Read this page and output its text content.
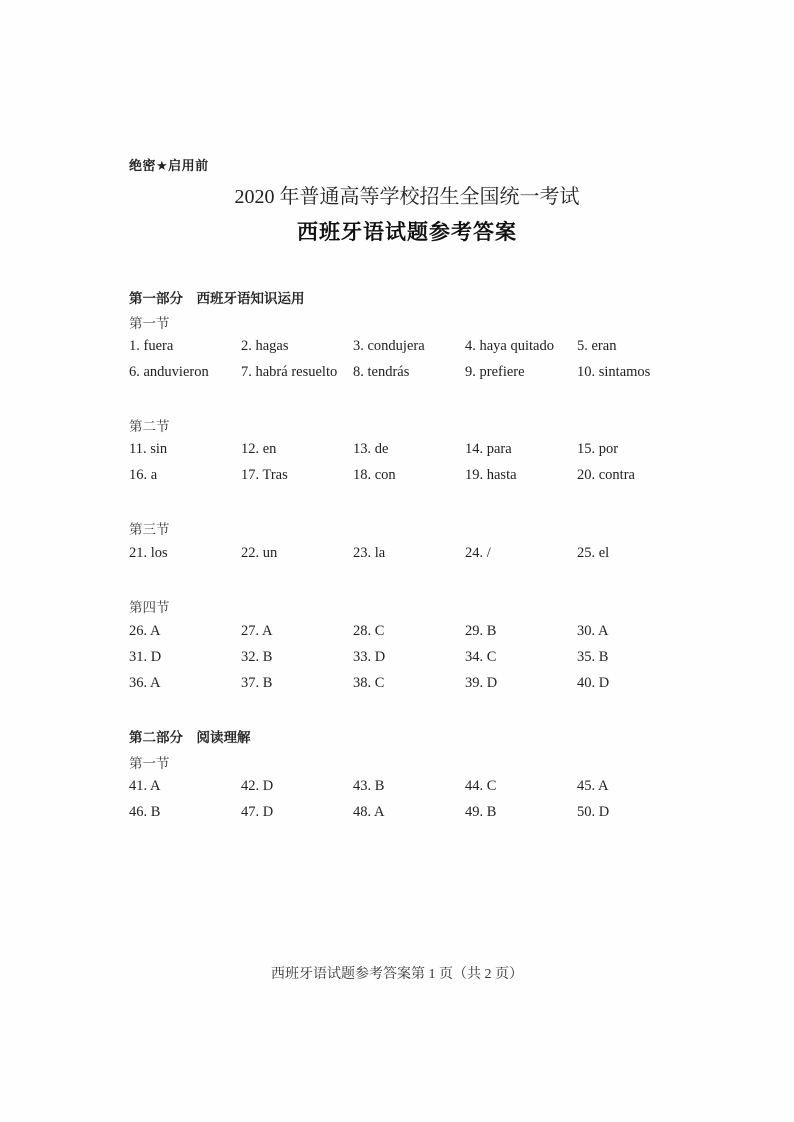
绝密★启用前
2020 年普通高等学校招生全国统一考试
西班牙语试题参考答案
第一部分　西班牙语知识运用
第一节
1. fuera	2. hagas	3. condujera	4. haya quitado 5. eran
6. anduvieron 7. habrá resuelto 8. tendrás	9. prefiere	10. sintamos
第二节
11. sin	12. en	13. de	14. para	15. por
16. a	17. Tras	18. con	19. hasta	20. contra
第三节
21. los	22. un	23. la	24. /	25. el
第四节
26. A	27. A	28. C	29. B	30. A
31. D	32. B	33. D	34. C	35. B
36. A	37. B	38. C	39. D	40. D
第二部分　阅读理解
第一节
41. A	42. D	43. B	44. C	45. A
46. B	47. D	48. A	49. B	50. D
西班牙语试题参考答案第 1 页（共 2 页）
